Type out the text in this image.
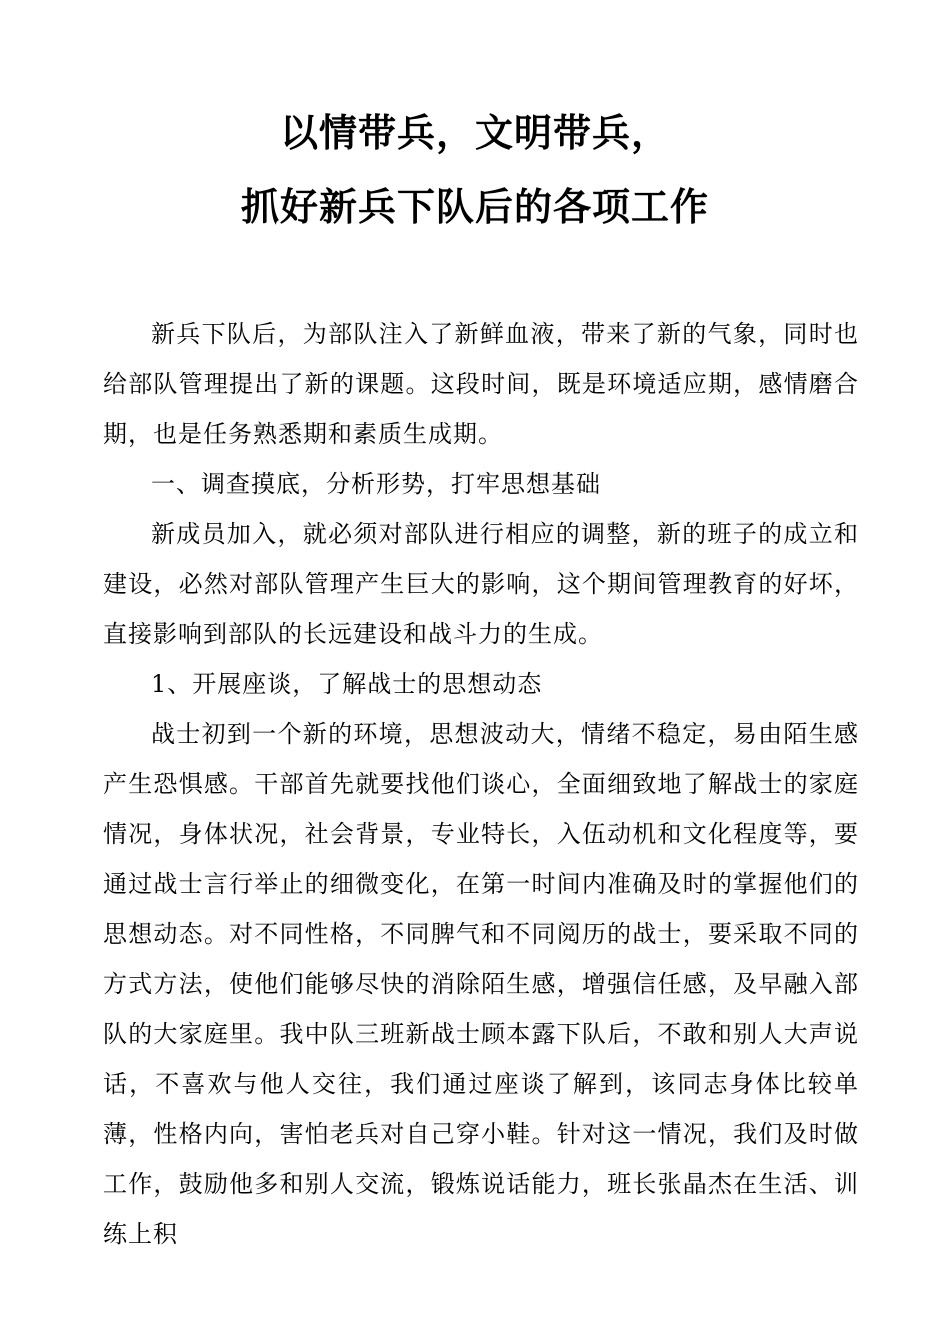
以情带兵，文明带兵，
抓好新兵下队后的各项工作

新兵下队后，为部队注入了新鲜血液，带来了新的气象，同时也给部队管理提出了新的课题。这段时间，既是环境适应期，感情磨合期，也是任务熟悉期和素质生成期。

一、调查摸底，分析形势，打牢思想基础

新成员加入，就必须对部队进行相应的调整，新的班子的成立和建设，必然对部队管理产生巨大的影响，这个期间管理教育的好坏，直接影响到部队的长远建设和战斗力的生成。

1、开展座谈，了解战士的思想动态

战士初到一个新的环境，思想波动大，情绪不稳定，易由陌生感产生恐惧感。干部首先就要找他们谈心，全面细致地了解战士的家庭情况，身体状况，社会背景，专业特长，入伍动机和文化程度等，要通过战士言行举止的细微变化，在第一时间内准确及时的掌握他们的思想动态。对不同性格，不同脾气和不同阅历的战士，要采取不同的方式方法，使他们能够尽快的消除陌生感，增强信任感，及早融入部队的大家庭里。我中队三班新战士顾本露下队后，不敢和别人大声说话，不喜欢与他人交往，我们通过座谈了解到，该同志身体比较单薄，性格内向，害怕老兵对自己穿小鞋。针对这一情况，我们及时做工作，鼓励他多和别人交流，锻炼说话能力，班长张晶杰在生活、训练上积
